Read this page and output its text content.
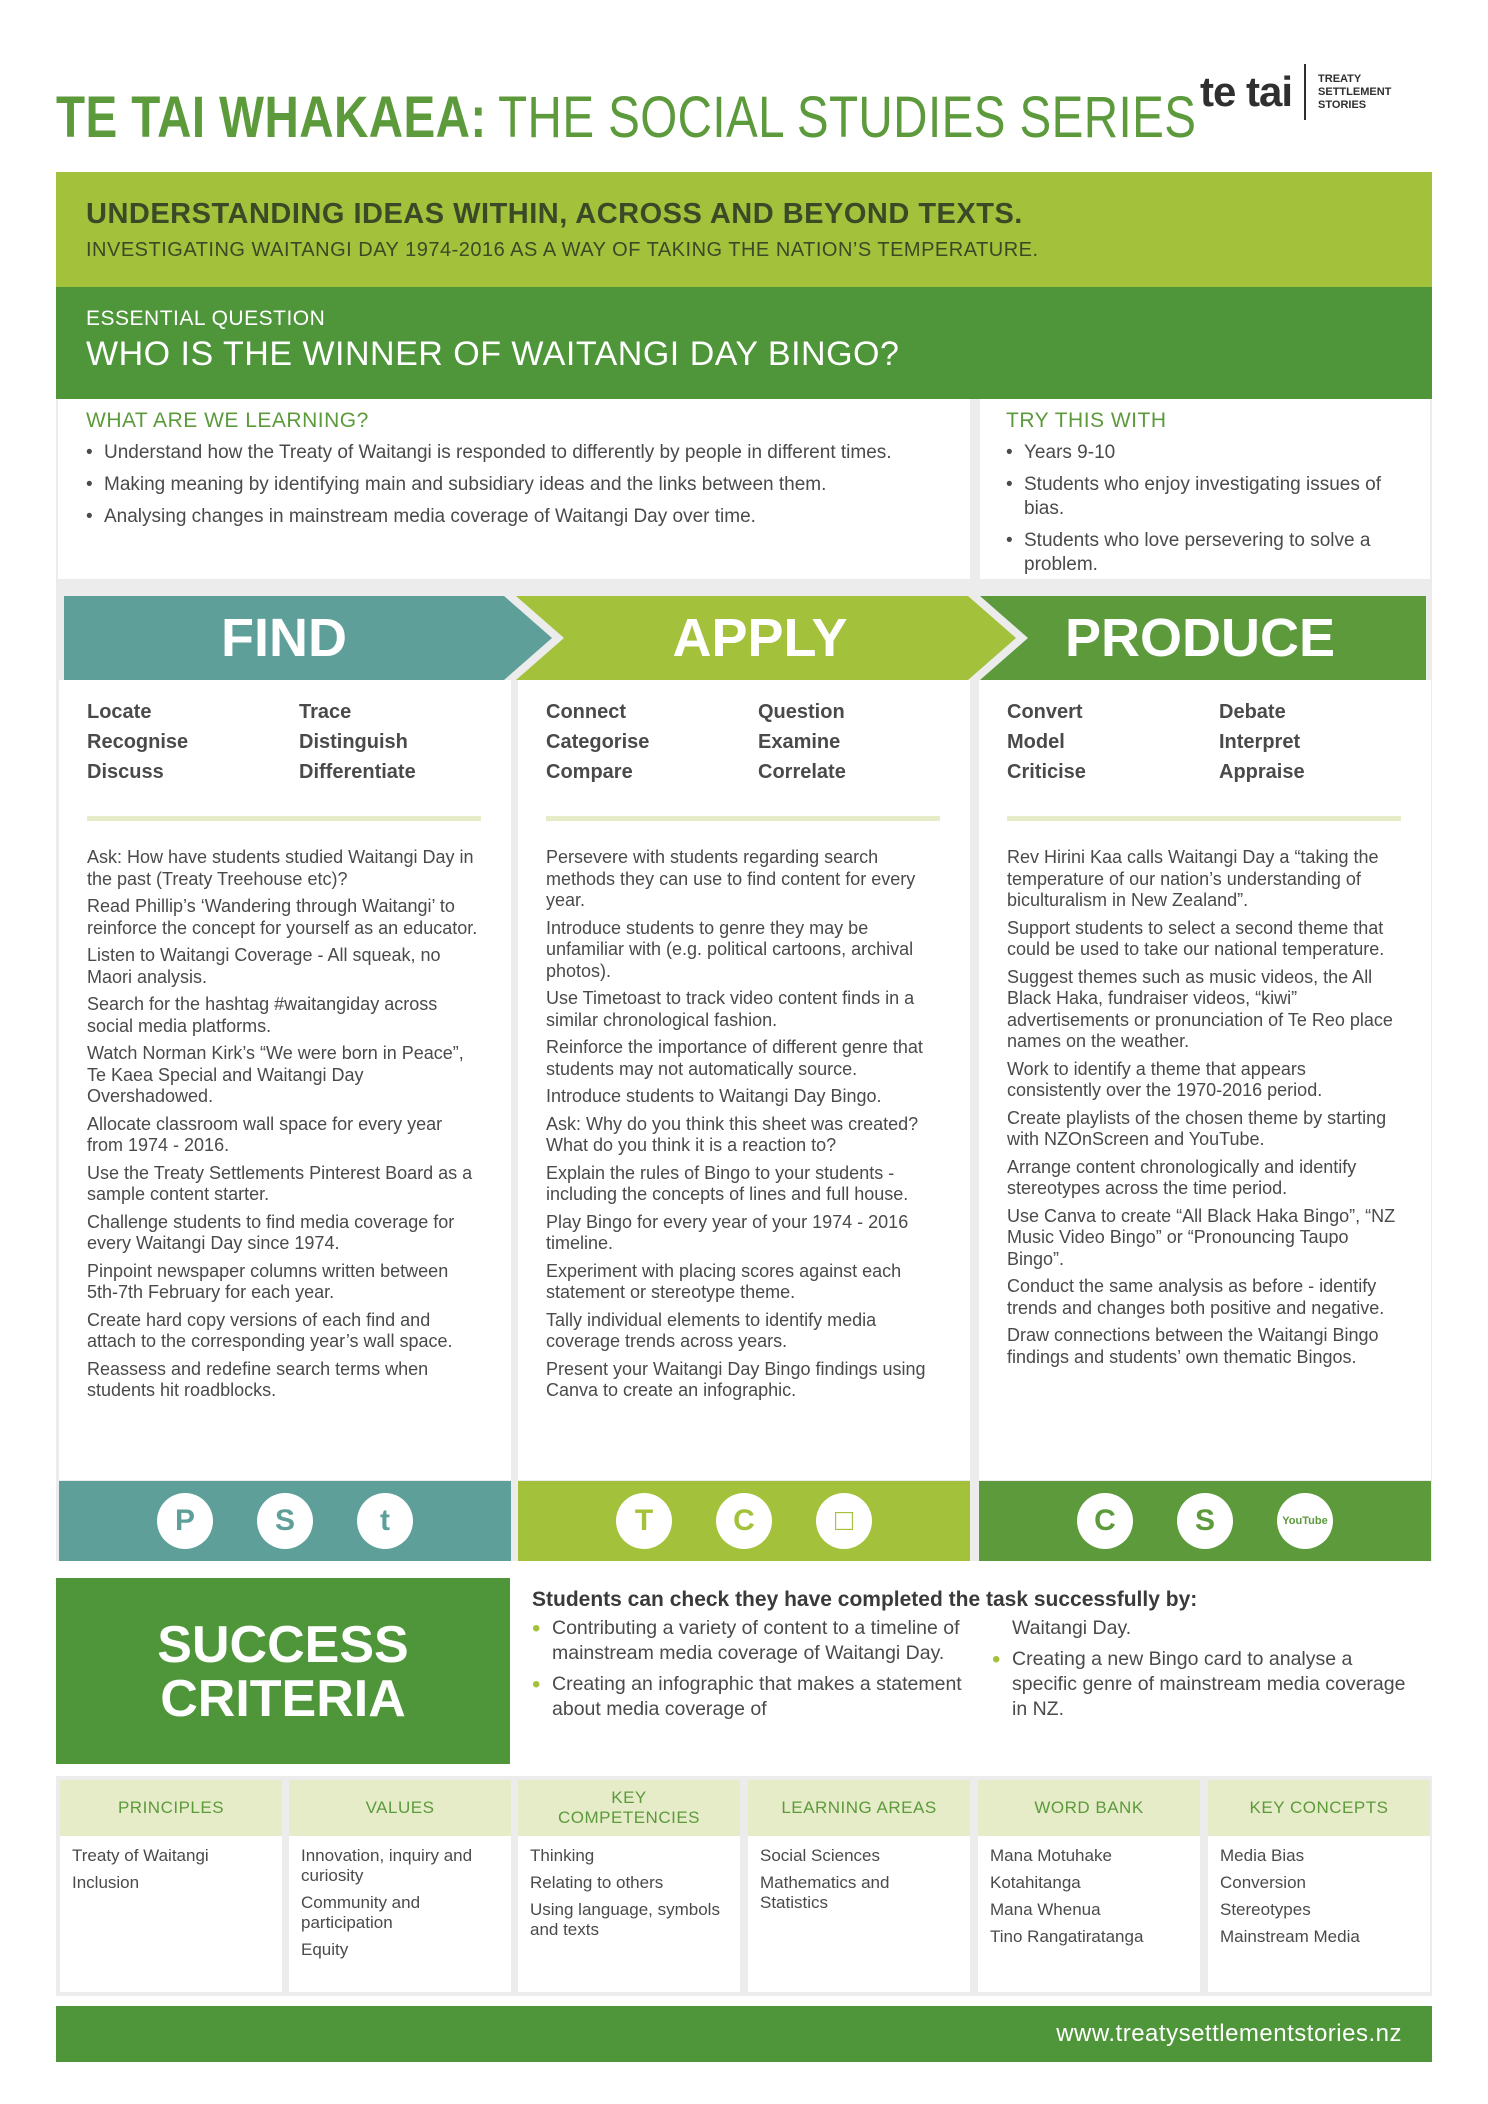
TE TAI WHAKAEA: THE SOCIAL STUDIES SERIES te tai TREATY
SETTLEMENT
STORIES
UNDERSTANDING IDEAS WITHIN, ACROSS AND BEYOND TEXTS.
INVESTIGATING WAITANGI DAY 1974-2016 AS A WAY OF TAKING THE NATION’S TEMPERATURE.
ESSENTIAL QUESTION
WHO IS THE WINNER OF WAITANGI DAY BINGO?
WHAT ARE WE LEARNING?
• Understand how the Treaty of Waitangi is responded to differently by people in different times.
• Making meaning by identifying main and subsidiary ideas and the links between them.
• Analysing changes in mainstream media coverage of Waitangi Day over time.
TRY THIS WITH
• Years 9-10
• Students who enjoy investigating issues of bias.
• Students who love persevering to solve a problem.
FIND	APPLY	PRODUCE
Locate	Trace
Recognise	Distinguish
Discuss	Differentiate
Ask: How have students studied Waitangi Day in the past (Treaty Treehouse etc)?
Read Phillip’s ‘Wandering through Waitangi’ to reinforce the concept for yourself as an educator.
Listen to Waitangi Coverage - All squeak, no Maori analysis.
Search for the hashtag #waitangiday across social media platforms.
Watch Norman Kirk’s “We were born in Peace”, Te Kaea Special and Waitangi Day Overshadowed.
Allocate classroom wall space for every year from 1974 - 2016.
Use the Treaty Settlements Pinterest Board as a sample content starter.
Challenge students to find media coverage for every Waitangi Day since 1974.
Pinpoint newspaper columns written between 5th-7th February for each year.
Create hard copy versions of each find and attach to the corresponding year’s wall space.
Reassess and redefine search terms when students hit roadblocks.
Connect	Question
Categorise	Examine
Compare	Correlate
Persevere with students regarding search methods they can use to find content for every year.
Introduce students to genre they may be unfamiliar with (e.g. political cartoons, archival photos).
Use Timetoast to track video content finds in a similar chronological fashion.
Reinforce the importance of different genre that students may not automatically source.
Introduce students to Waitangi Day Bingo.
Ask: Why do you think this sheet was created? What do you think it is a reaction to?
Explain the rules of Bingo to your students - including the concepts of lines and full house.
Play Bingo for every year of your 1974 - 2016 timeline.
Experiment with placing scores against each statement or stereotype theme.
Tally individual elements to identify media coverage trends across years.
Present your Waitangi Day Bingo findings using Canva to create an infographic.
Convert	Debate
Model	Interpret
Criticise	Appraise
Rev Hirini Kaa calls Waitangi Day a “taking the temperature of our nation’s understanding of biculturalism in New Zealand”.
Support students to select a second theme that could be used to take our national temperature.
Suggest themes such as music videos, the All Black Haka, fundraiser videos, “kiwi” advertisements or pronunciation of Te Reo place names on the weather.
Work to identify a theme that appears consistently over the 1970-2016 period.
Create playlists of the chosen theme by starting with NZOnScreen and YouTube.
Arrange content chronologically and identify stereotypes across the time period.
Use Canva to create “All Black Haka Bingo”, “NZ Music Video Bingo” or “Pronouncing Taupo Bingo”.
Conduct the same analysis as before - identify trends and changes both positive and negative.
Draw connections between the Waitangi Bingo findings and students’ own thematic Bingos.
P	S	t	T	C	□	C	S	YouTube
SUCCESS
CRITERIA
Students can check they have completed the task successfully by:
• Contributing a variety of content to a timeline of mainstream media coverage of Waitangi Day.
• Creating an infographic that makes a statement about media coverage of
Waitangi Day.
• Creating a new Bingo card to analyse a specific genre of mainstream media coverage in NZ.
PRINCIPLES
Treaty of Waitangi
Inclusion
VALUES
Innovation, inquiry and curiosity
Community and participation
Equity
KEY COMPETENCIES
Thinking
Relating to others
Using language, symbols and texts
LEARNING AREAS
Social Sciences
Mathematics and Statistics
WORD BANK
Mana Motuhake
Kotahitanga
Mana Whenua
Tino Rangatiratanga
KEY CONCEPTS
Media Bias
Conversion
Stereotypes
Mainstream Media
www.treatysettlementstories.nz
